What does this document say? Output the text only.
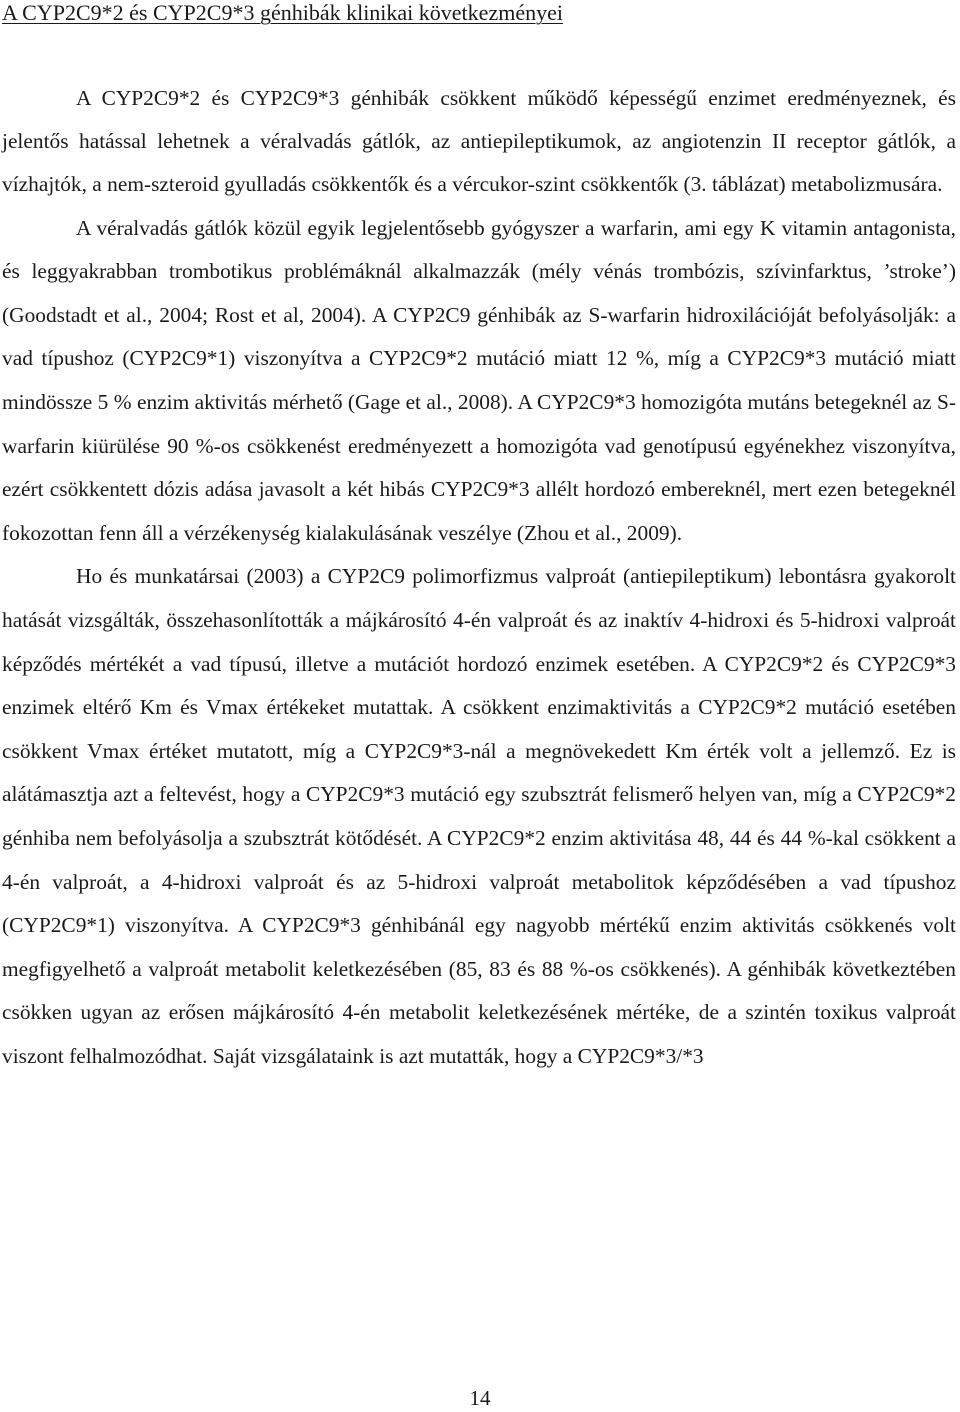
A CYP2C9*2 és CYP2C9*3 génhibák klinikai következményei

A CYP2C9*2 és CYP2C9*3 génhibák csökkent működő képességű enzimet eredményeznek, és jelentős hatással lehetnek a véralvadás gátlók, az antiepileptikumok, az angiotenzin II receptor gátlók, a vízhajtók, a nem-szteroid gyulladás csökkentők és a vércukor-szint csökkentők (3. táblázat) metabolizmusára.

A véralvadás gátlók közül egyik legjelentősebb gyógyszer a warfarin, ami egy K vitamin antagonista, és leggyakrabban trombotikus problémáknál alkalmazzák (mély vénás trombózis, szívinfarktus, ’stroke’) (Goodstadt et al., 2004; Rost et al, 2004). A CYP2C9 génhibák az S-warfarin hidroxilációját befolyásolják: a vad típushoz (CYP2C9*1) viszonyítva a CYP2C9*2 mutáció miatt 12 %, míg a CYP2C9*3 mutáció miatt mindössze 5 % enzim aktivitás mérhető (Gage et al., 2008). A CYP2C9*3 homozigóta mutáns betegeknél az S-warfarin kiürülése 90 %-os csökkenést eredményezett a homozigóta vad genotípusú egyénekhez viszonyítva, ezért csökkentett dózis adása javasolt a két hibás CYP2C9*3 allélt hordozó embereknél, mert ezen betegeknél fokozottan fenn áll a vérzékenység kialakulásának veszélye (Zhou et al., 2009).

Ho és munkatársai (2003) a CYP2C9 polimorfizmus valproát (antiepileptikum) lebontásra gyakorolt hatását vizsgálták, összehasonlították a májkárosító 4-én valproát és az inaktív 4-hidroxi és 5-hidroxi valproát képződés mértékét a vad típusú, illetve a mutációt hordozó enzimek esetében. A CYP2C9*2 és CYP2C9*3 enzimek eltérő Km és Vmax értékeket mutattak. A csökkent enzimaktivitás a CYP2C9*2 mutáció esetében csökkent Vmax értéket mutatott, míg a CYP2C9*3-nál a megnövekedett Km érték volt a jellemző. Ez is alátámasztja azt a feltevést, hogy a CYP2C9*3 mutáció egy szubsztrát felismerő helyen van, míg a CYP2C9*2 génhiba nem befolyásolja a szubsztrát kötődését. A CYP2C9*2 enzim aktivitása 48, 44 és 44 %-kal csökkent a 4-én valproát, a 4-hidroxi valproát és az 5-hidroxi valproát metabolitok képződésében a vad típushoz (CYP2C9*1) viszonyítva. A CYP2C9*3 génhibánál egy nagyobb mértékű enzim aktivitás csökkenés volt megfigyelhető a valproát metabolit keletkezésében (85, 83 és 88 %-os csökkenés). A génhibák következtében csökken ugyan az erősen májkárosító 4-én metabolit keletkezésének mértéke, de a szintén toxikus valproát viszont felhalmozódhat. Saját vizsgálataink is azt mutatták, hogy a CYP2C9*3/*3

14
